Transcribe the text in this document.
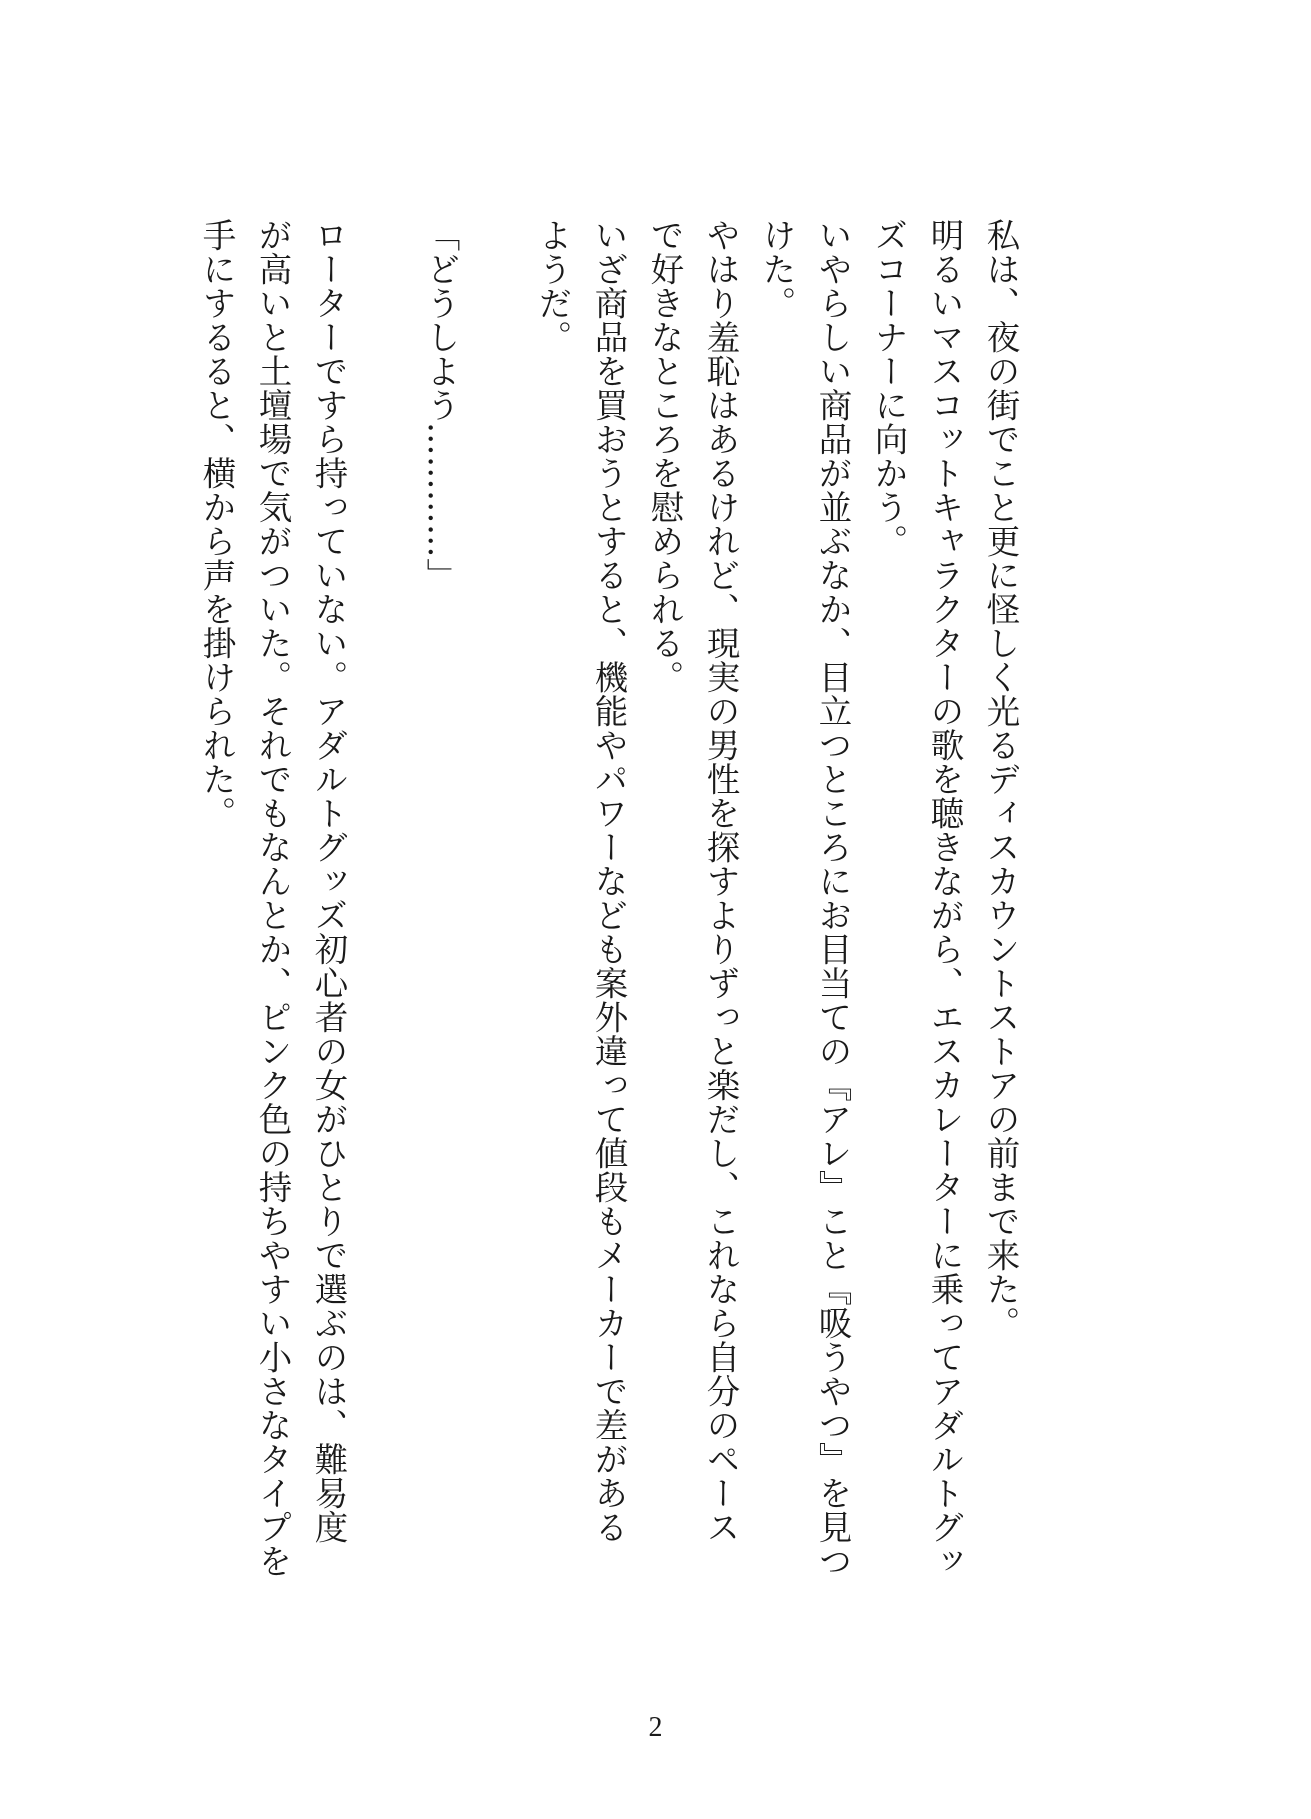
私は、夜の街でこと更に怪しく光るディスカウントストアの前まで来た。
明るいマスコットキャラクターの歌を聴きながら、エスカレーターに乗ってアダルトグッ
ズコーナーに向かう。
いやらしい商品が並ぶなか、目立つところにお目当ての『アレ』こと『吸うやつ』を見つ
けた。
やはり羞恥はあるけれど、現実の男性を探すよりずっと楽だし、これなら自分のペース
で好きなところを慰められる。
いざ商品を買おうとすると、機能やパワーなども案外違って値段もメーカーで差がある
ようだ。

「どうしよう…………」

ローターですら持っていない。アダルトグッズ初心者の女がひとりで選ぶのは、難易度
が高いと土壇場で気がついた。それでもなんとか、ピンク色の持ちやすい小さなタイプを
手にするると、横から声を掛けられた。
2
